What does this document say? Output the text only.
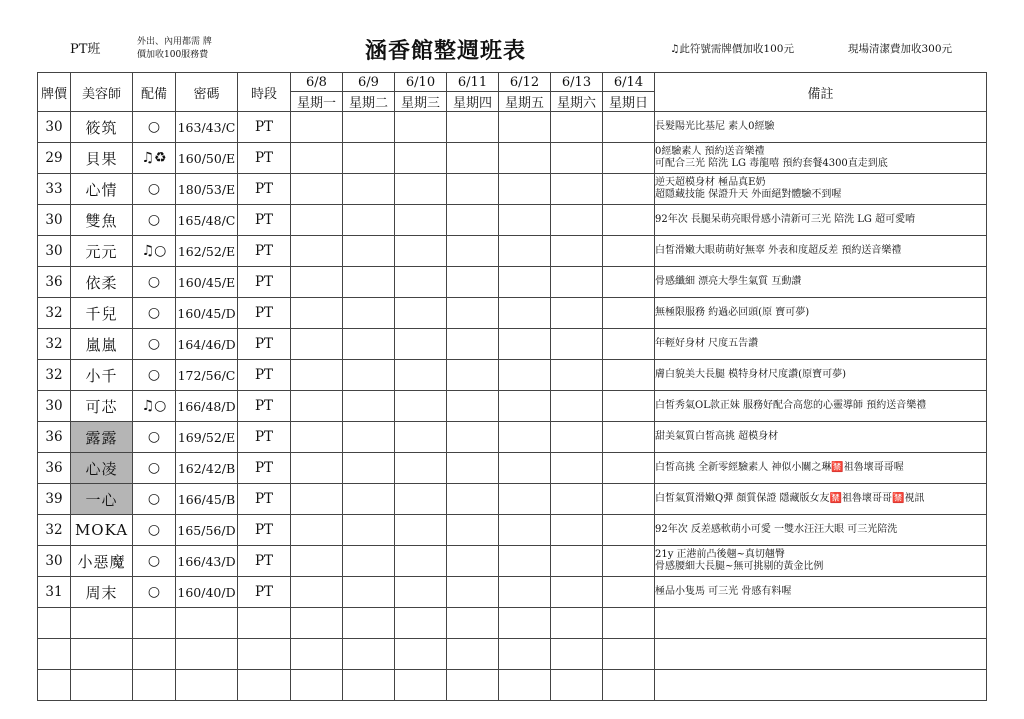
PT班	外出、內用都需 牌
價加收100服務費	涵香館整週班表	♫此符號需牌價加收100元	現場清潔費加收300元
牌價	美容師	配備	密碼	時段	6/8	6/9	6/10	6/11	6/12	6/13	6/14	備註
					星期一	星期二	星期三	星期四	星期五	星期六	星期日	
30	筱筑	○	163/43/C	PT								長髮陽光比基尼 素人0經驗

29	貝果	♫♻	160/50/E	PT								0經驗素人 預約送音樂禮
可配合三光 陪洗 LG 毒龍嘻 預約套餐4300直走到底

33	心情	○	180/53/E	PT								逆天超模身材 極品真E奶
超隱藏技能 保證升天 外面絕對體驗不到喔

30	雙魚	○	165/48/C	PT								92年次 長腿呆萌亮眼骨感小清新可三光 陪洗 LG 超可愛唷

30	元元	♫○	162/52/E	PT								白皙滑嫩大眼萌萌好無辜 外表和度超反差 預約送音樂禮

36	依柔	○	160/45/E	PT								骨感纖細 漂亮大學生氣質 互動讚

32	千兒	○	160/45/D	PT								無極限服務 約過必回頭(原 寶可夢)

32	嵐嵐	○	164/46/D	PT								年輕好身材 尺度五告讚

32	小千	○	172/56/C	PT								膚白貌美大長腿 模特身材尺度讚(原寶可夢)

30	可芯	♫○	166/48/D	PT								白皙秀氣OL款正妹 服務好配合高您的心靈導師 預約送音樂禮

36	露露	○	169/52/E	PT								甜美氣質白皙高挑 超模身材

36	心凌	○	162/42/B	PT								白皙高挑 全新零經驗素人 神似小關之琳🈲祖魯壞哥哥喔

39	一心	○	166/45/B	PT								白皙氣質滑嫩Q彈 顏質保證 隱藏版女友🈲祖魯壞哥哥🈲視訊

32	MOKA	○	165/56/D	PT								92年次 反差感軟萌小可愛 一雙水汪汪大眼 可三光陪洗

30	小惡魔	○	166/43/D	PT								21y 正港前凸後翹~真切翹臀
骨感腰細大長腿~無可挑剔的黃金比例

31	周末	○	160/40/D	PT								極品小隻馬 可三光 骨感有料喔
